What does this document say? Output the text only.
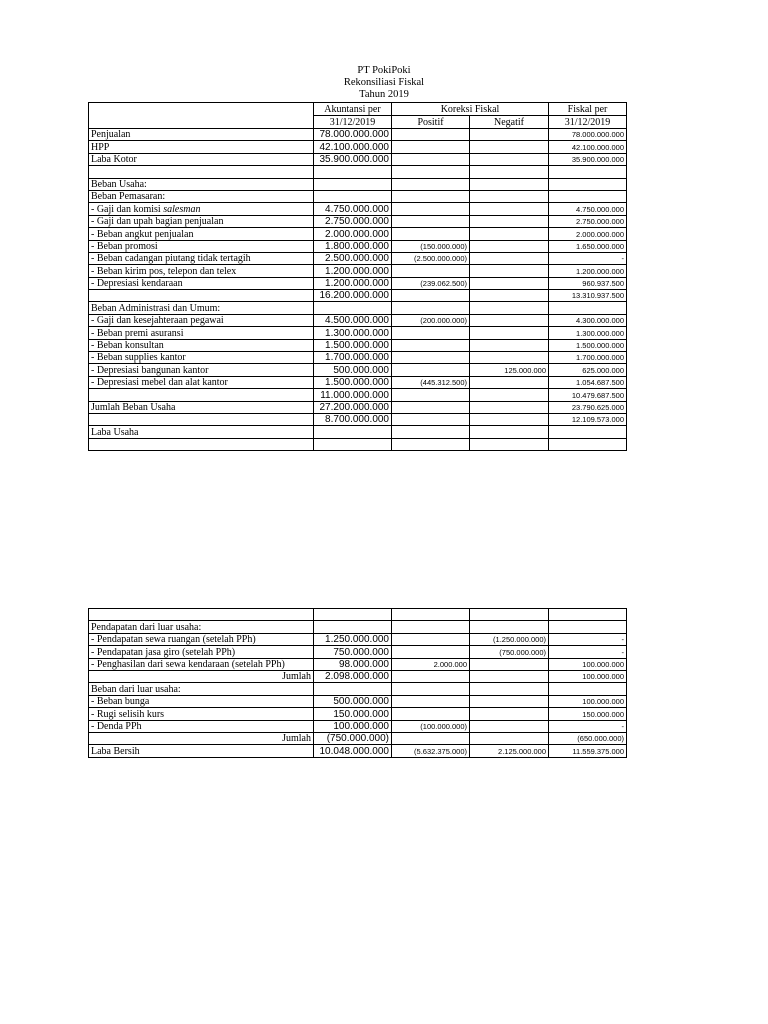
PT PokiPoki
Rekonsiliasi Fiskal
Tahun 2019
	Akuntansi per	Koreksi Fiskal		Fiskal per
	31/12/2019	Positif	Negatif	31/12/2019
Penjualan	78.000.000.000			78.000.000.000
HPP	42.100.000.000			42.100.000.000
Laba Kotor	35.900.000.000			35.900.000.000

Beban Usaha:				
Beban Pemasaran:				
- Gaji dan komisi salesman	4.750.000.000			4.750.000.000
- Gaji dan upah bagian penjualan	2.750.000.000			2.750.000.000
- Beban angkut penjualan	2.000.000.000			2.000.000.000
- Beban promosi	1.800.000.000	(150.000.000)		1.650.000.000
- Beban cadangan piutang tidak tertagih	2.500.000.000	(2.500.000.000)		-
- Beban kirim pos, telepon dan telex	1.200.000.000			1.200.000.000
- Depresiasi kendaraan	1.200.000.000	(239.062.500)		960.937.500
	16.200.000.000			13.310.937.500
Beban Administrasi dan Umum:				
- Gaji dan kesejahteraan pegawai	4.500.000.000	(200.000.000)		4.300.000.000
- Beban premi asuransi	1.300.000.000			1.300.000.000
- Beban konsultan	1.500.000.000			1.500.000.000
- Beban supplies kantor	1.700.000.000			1.700.000.000
- Depresiasi bangunan kantor	500.000.000		125.000.000	625.000.000
- Depresiasi mebel dan alat kantor	1.500.000.000	(445.312.500)		1.054.687.500
	11.000.000.000			10.479.687.500
Jumlah Beban Usaha	27.200.000.000			23.790.625.000
	8.700.000.000			12.109.573.000
Laba Usaha				

Pendapatan dari luar usaha:				
- Pendapatan sewa ruangan (setelah PPh)	1.250.000.000		(1.250.000.000)	-
- Pendapatan jasa giro (setelah PPh)	750.000.000		(750.000.000)	-
- Penghasilan dari sewa kendaraan (setelah PPh)	98.000.000	2.000.000		100.000.000
Jumlah	2.098.000.000			100.000.000
Beban dari luar usaha:				
- Beban bunga	500.000.000			100.000.000
- Rugi selisih kurs	150.000.000			150.000.000
- Denda PPh	100.000.000	(100.000.000)		-
Jumlah	(750.000.000)			(650.000.000)
Laba Bersih	10.048.000.000	(5.632.375.000)	2.125.000.000	11.559.375.000
